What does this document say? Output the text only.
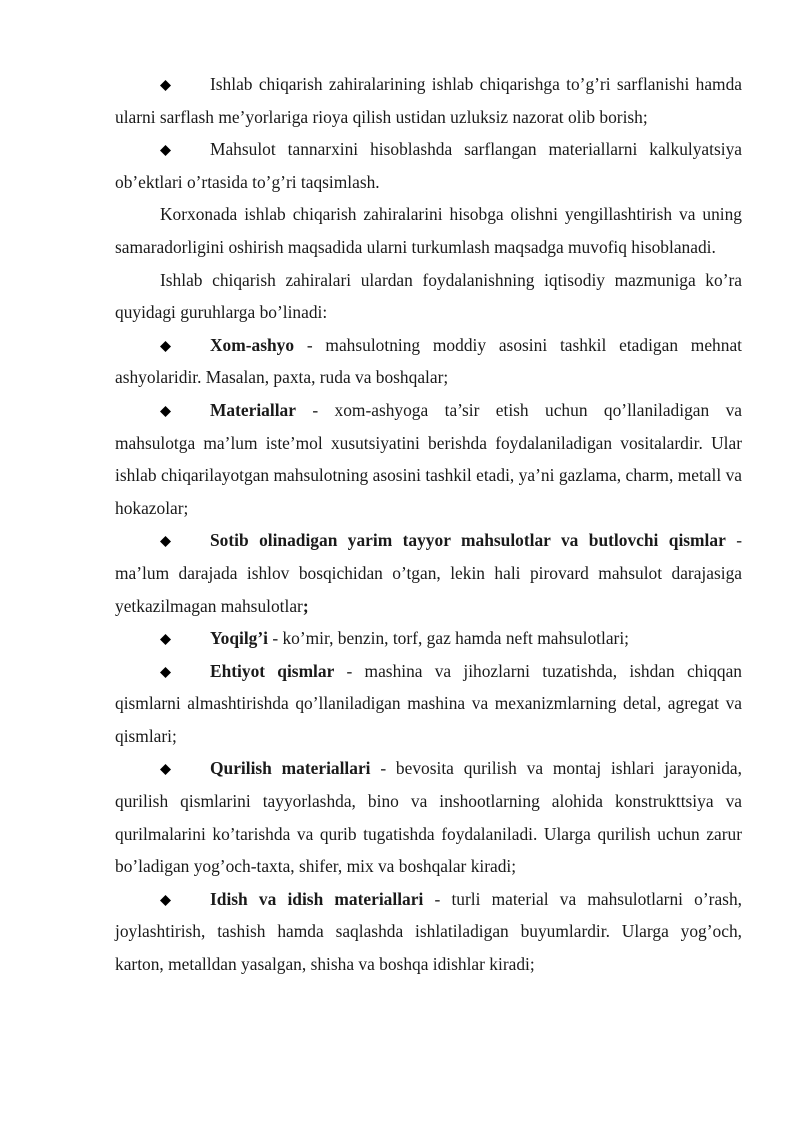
Ishlab chiqarish zahiralarining ishlab chiqarishga to’g’ri sarflanishi hamda ularni sarflash me’yorlariga rioya qilish ustidan uzluksiz nazorat olib borish;

Mahsulot tannarxini hisoblashda sarflangan materiallarni kalkulyatsiya ob’ektlari o’rtasida to’g’ri taqsimlash.

Korxonada ishlab chiqarish zahiralarini hisobga olishni yengillashtirish va uning samaradorligini oshirish maqsadida ularni turkumlash maqsadga muvofiq hisoblanadi.

Ishlab chiqarish zahiralari ulardan foydalanishning iqtisodiy mazmuniga ko’ra quyidagi guruhlarga bo’linadi:

Xom-ashyo - mahsulotning moddiy asosini tashkil etadigan mehnat ashyolaridir. Masalan, paxta, ruda va boshqalar;

Materiallar - xom-ashyoga ta’sir etish uchun qo’llaniladigan va mahsulotga ma’lum iste’mol xusutsiyatini berishda foydalaniladigan vositalardir. Ular ishlab chiqarilayotgan mahsulotning asosini tashkil etadi, ya’ni gazlama, charm, metall va hokazolar;

Sotib olinadigan yarim tayyor mahsulotlar va butlovchi qismlar - ma’lum darajada ishlov bosqichidan o’tgan, lekin hali pirovard mahsulot darajasiga yetkazilmagan mahsulotlar;

Yoqilg’i - ko’mir, benzin, torf, gaz hamda neft mahsulotlari;

Ehtiyot qismlar - mashina va jihozlarni tuzatishda, ishdan chiqqan qismlarni almashtirishda qo’llaniladigan mashina va mexanizmlarning detal, agregat va qismlari;

Qurilish materiallari - bevosita qurilish va montaj ishlari jarayonida, qurilish qismlarini tayyorlashda, bino va inshootlarning alohida konstrukttsiya va qurilmalarini ko’tarishda va qurib tugatishda foydalaniladi. Ularga qurilish uchun zarur bo’ladigan yog’och-taxta, shifer, mix va boshqalar kiradi;

Idish va idish materiallari - turli material va mahsulotlarni o’rash, joylashtirish, tashish hamda saqlashda ishlatiladigan buyumlardir. Ularga yog’och, karton, metalldan yasalgan, shisha va boshqa idishlar kiradi;
